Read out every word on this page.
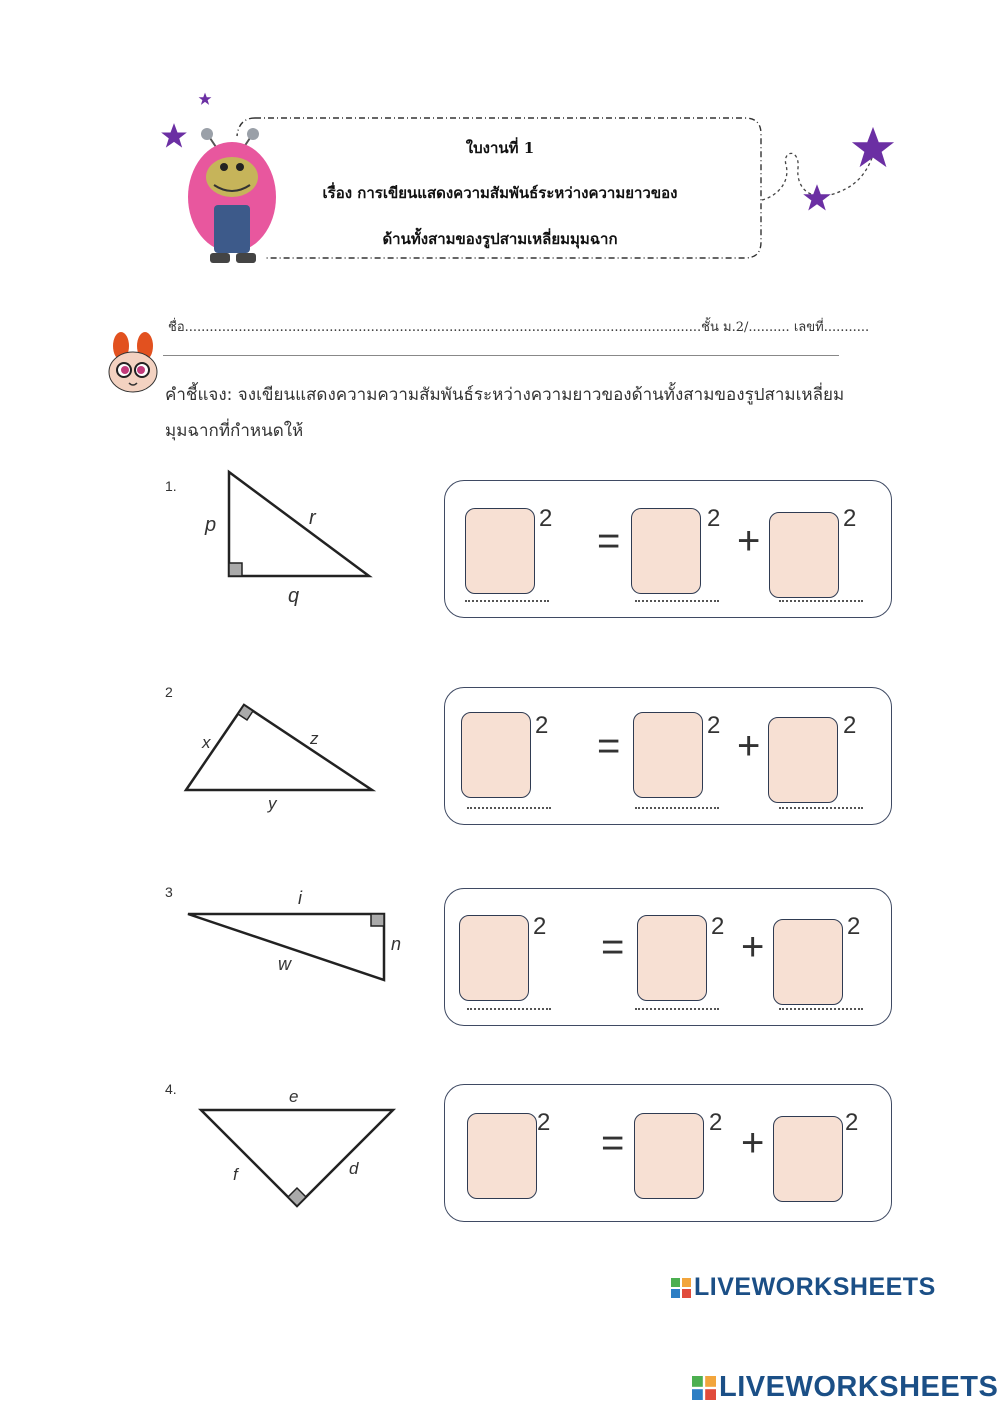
ใบงานที่ 1
เรื่อง การเขียนแสดงความสัมพันธ์ระหว่างความยาวของ
ด้านทั้งสามของรูปสามเหลี่ยมมุมฉาก
ชื่อ.............................................................................................................................ชั้น ม.2/.......... เลขที่...........
คำชี้แจง: จงเขียนแสดงความความสัมพันธ์ระหว่างความยาวของด้านทั้งสามของรูปสามเหลี่ยม
มุมฉากที่กำหนดให้
1.
p	r
q
2
=
2
+
2
2
x	z
y
2 =	2 +	2
3	i
n
w
2 =	2 +	2
4.	e
f	d
2 =	2 +	2
LIVEWORKSHEETS
LIVEWORKSHEETS
